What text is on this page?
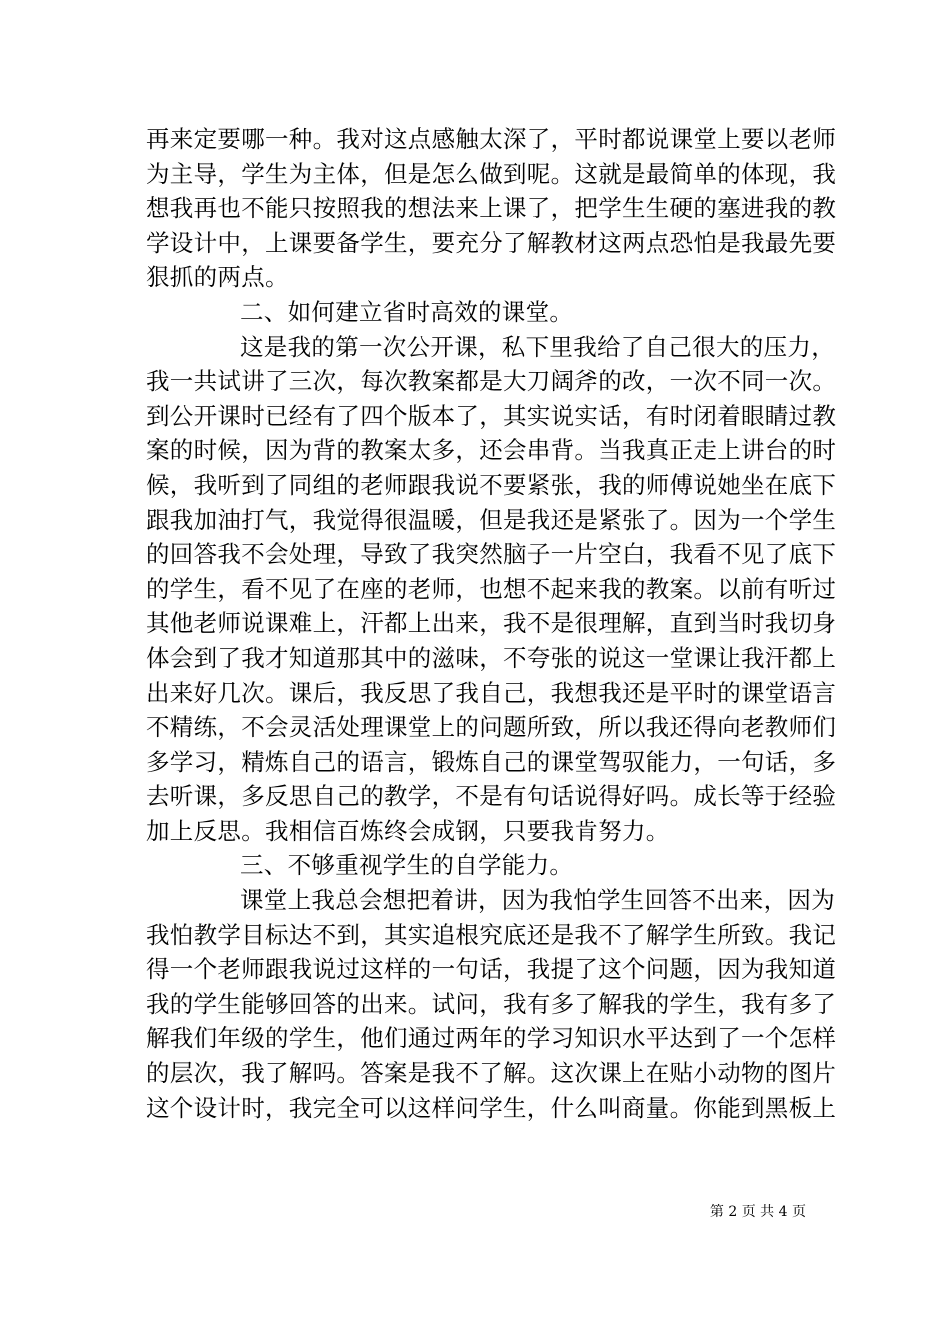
再来定要哪一种。我对这点感触太深了，平时都说课堂上要以老师
为主导，学生为主体，但是怎么做到呢。这就是最简单的体现，我
想我再也不能只按照我的想法来上课了，把学生生硬的塞进我的教
学设计中，上课要备学生，要充分了解教材这两点恐怕是我最先要
狠抓的两点。
二、如何建立省时高效的课堂。
这是我的第一次公开课，私下里我给了自己很大的压力，
我一共试讲了三次，每次教案都是大刀阔斧的改，一次不同一次。
到公开课时已经有了四个版本了，其实说实话，有时闭着眼睛过教
案的时候，因为背的教案太多，还会串背。当我真正走上讲台的时
候，我听到了同组的老师跟我说不要紧张，我的师傅说她坐在底下
跟我加油打气，我觉得很温暖，但是我还是紧张了。因为一个学生
的回答我不会处理，导致了我突然脑子一片空白，我看不见了底下
的学生，看不见了在座的老师，也想不起来我的教案。以前有听过
其他老师说课难上，汗都上出来，我不是很理解，直到当时我切身
体会到了我才知道那其中的滋味，不夸张的说这一堂课让我汗都上
出来好几次。课后，我反思了我自己，我想我还是平时的课堂语言
不精练，不会灵活处理课堂上的问题所致，所以我还得向老教师们
多学习，精炼自己的语言，锻炼自己的课堂驾驭能力，一句话，多
去听课，多反思自己的教学，不是有句话说得好吗。成长等于经验
加上反思。我相信百炼终会成钢，只要我肯努力。
三、不够重视学生的自学能力。
课堂上我总会想把着讲，因为我怕学生回答不出来，因为
我怕教学目标达不到，其实追根究底还是我不了解学生所致。我记
得一个老师跟我说过这样的一句话，我提了这个问题，因为我知道
我的学生能够回答的出来。试问，我有多了解我的学生，我有多了
解我们年级的学生，他们通过两年的学习知识水平达到了一个怎样
的层次，我了解吗。答案是我不了解。这次课上在贴小动物的图片
这个设计时，我完全可以这样问学生，什么叫商量。你能到黑板上
第 2 页 共 4 页
